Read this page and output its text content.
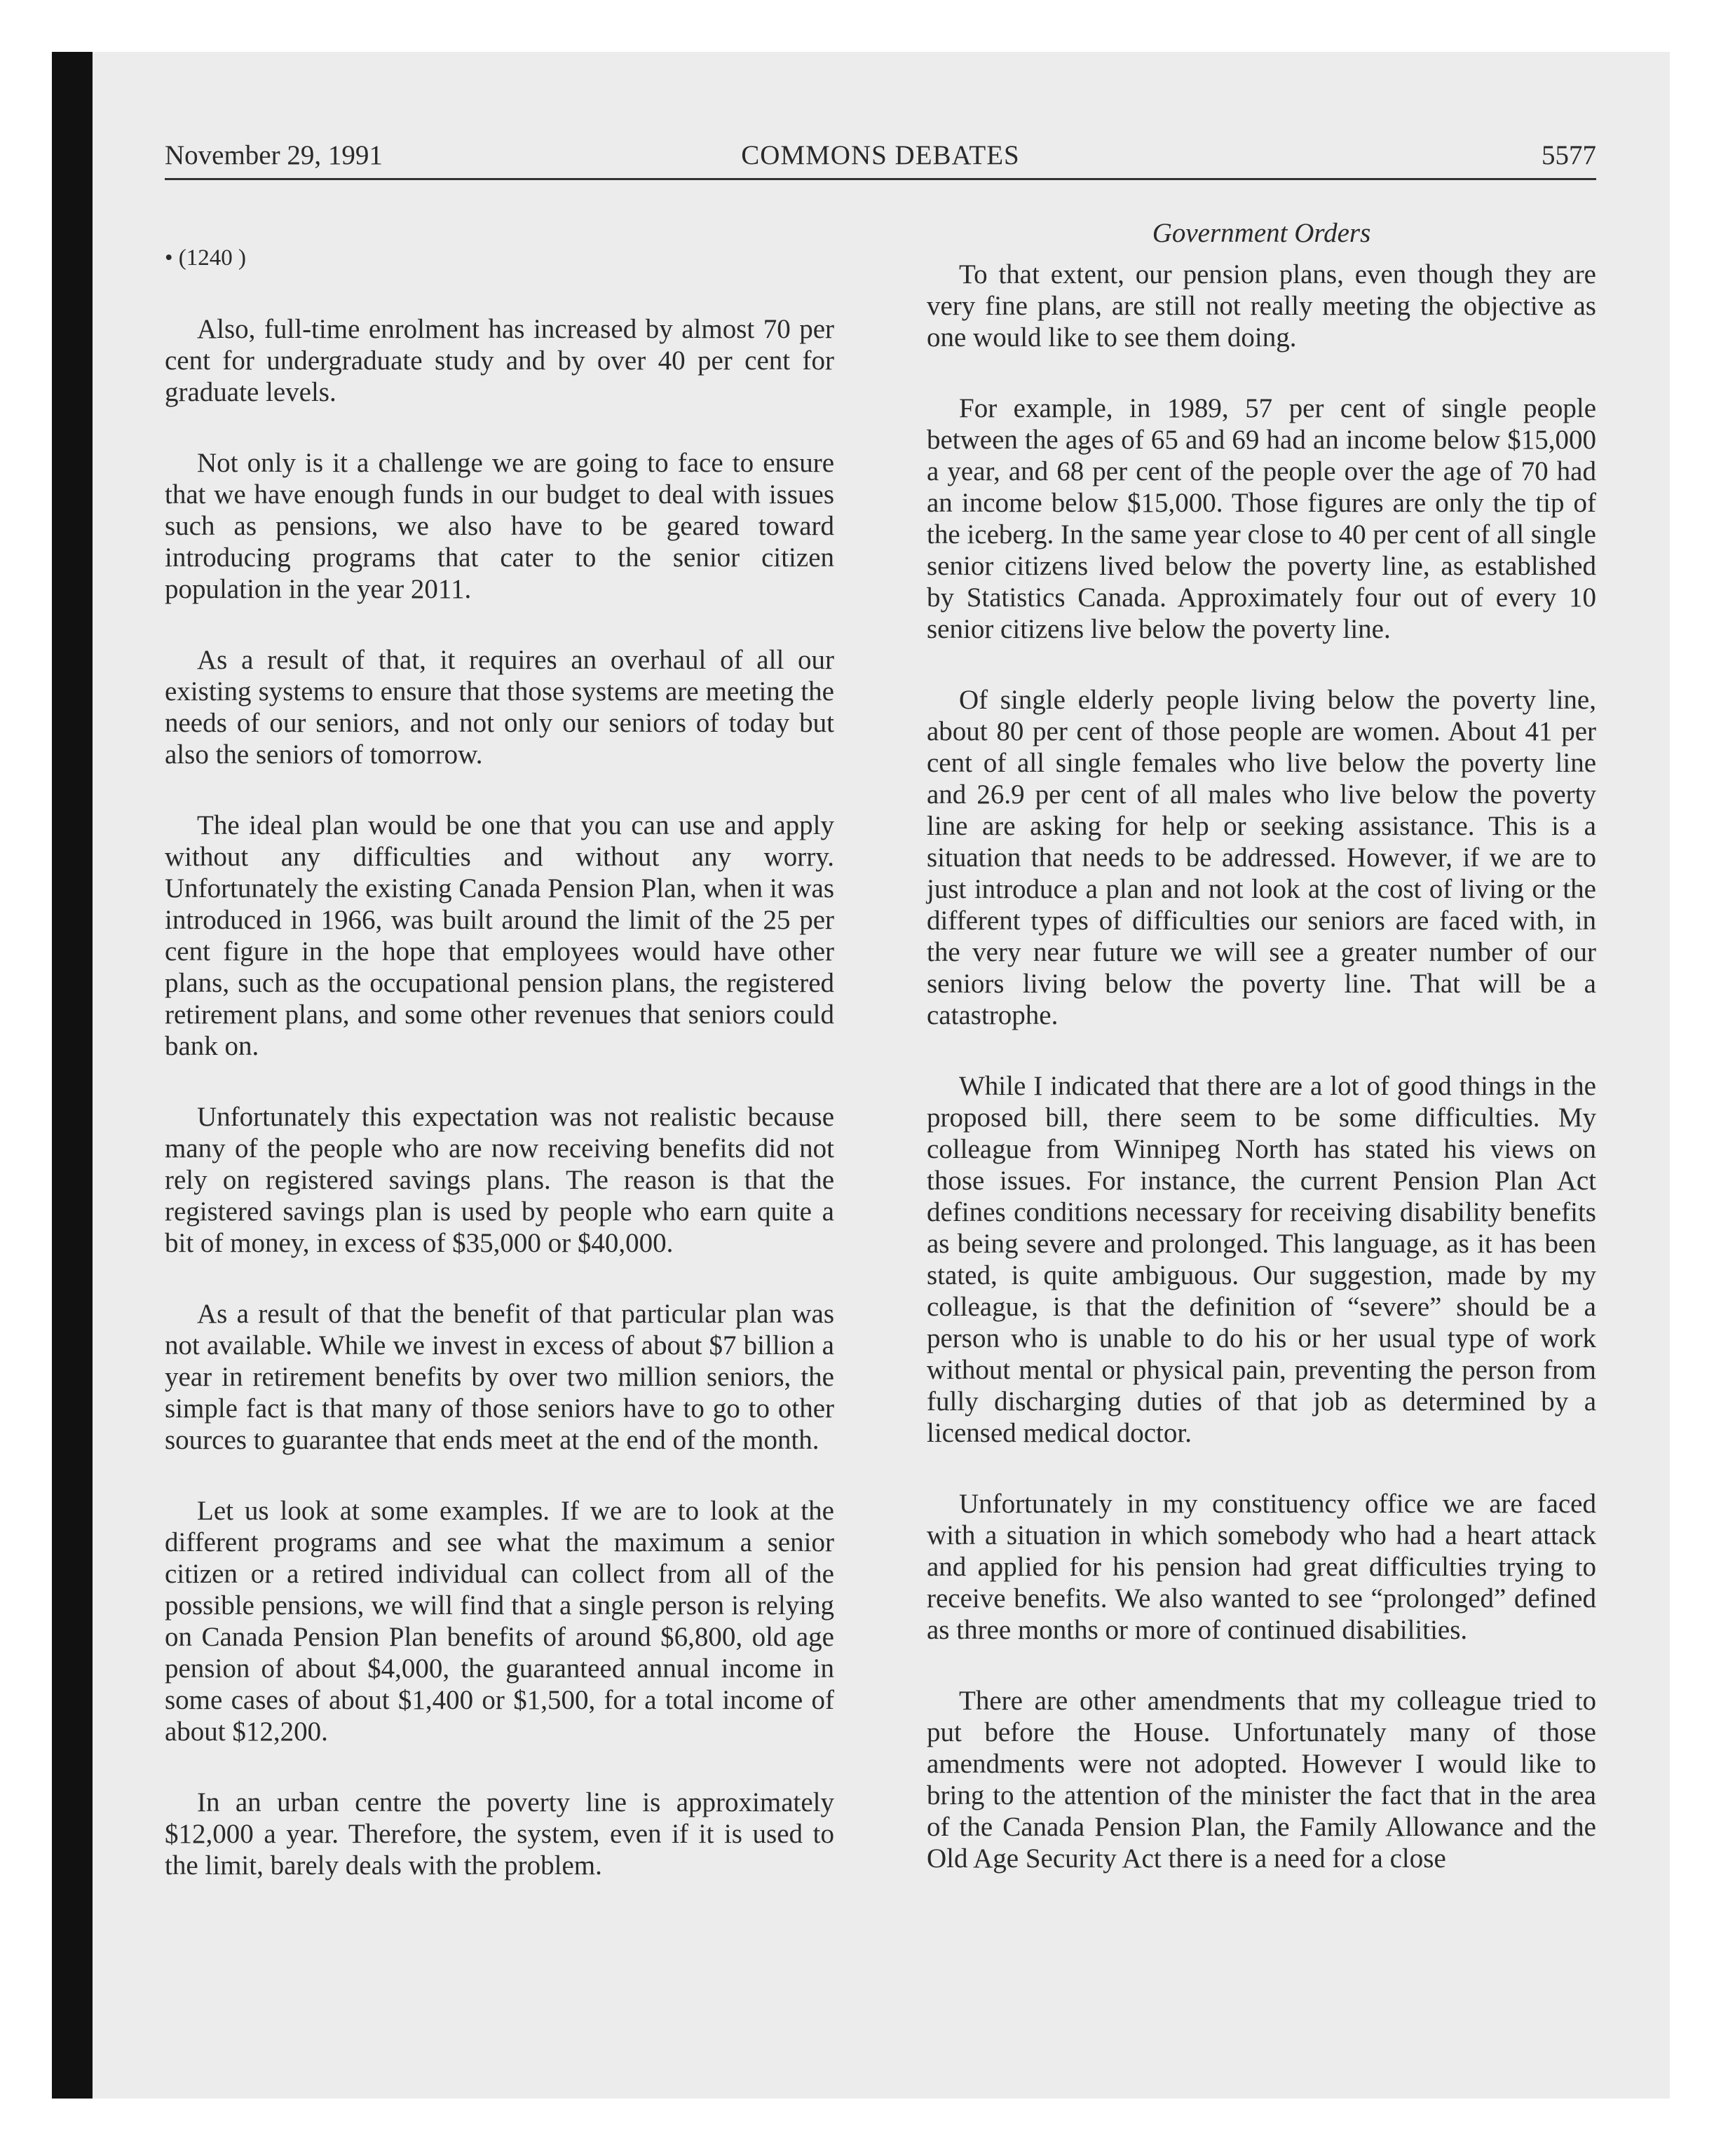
November 29, 1991	COMMONS DEBATES	5577
Government Orders

• (1240 )

Also, full-time enrolment has increased by almost 70 per cent for undergraduate study and by over 40 per cent for graduate levels.

Not only is it a challenge we are going to face to ensure that we have enough funds in our budget to deal with issues such as pensions, we also have to be geared toward introducing programs that cater to the senior citizen population in the year 2011.

As a result of that, it requires an overhaul of all our existing systems to ensure that those systems are meeting the needs of our seniors, and not only our seniors of today but also the seniors of tomorrow.

The ideal plan would be one that you can use and apply without any difficulties and without any worry. Unfortunately the existing Canada Pension Plan, when it was introduced in 1966, was built around the limit of the 25 per cent figure in the hope that employees would have other plans, such as the occupational pension plans, the registered retirement plans, and some other revenues that seniors could bank on.

Unfortunately this expectation was not realistic because many of the people who are now receiving benefits did not rely on registered savings plans. The reason is that the registered savings plan is used by people who earn quite a bit of money, in excess of $35,000 or $40,000.

As a result of that the benefit of that particular plan was not available. While we invest in excess of about $7 billion a year in retirement benefits by over two million seniors, the simple fact is that many of those seniors have to go to other sources to guarantee that ends meet at the end of the month.

Let us look at some examples. If we are to look at the different programs and see what the maximum a senior citizen or a retired individual can collect from all of the possible pensions, we will find that a single person is relying on Canada Pension Plan benefits of around $6,800, old age pension of about $4,000, the guaranteed annual income in some cases of about $1,400 or $1,500, for a total income of about $12,200.

In an urban centre the poverty line is approximately $12,000 a year. Therefore, the system, even if it is used to the limit, barely deals with the problem.

To that extent, our pension plans, even though they are very fine plans, are still not really meeting the objective as one would like to see them doing.

For example, in 1989, 57 per cent of single people between the ages of 65 and 69 had an income below $15,000 a year, and 68 per cent of the people over the age of 70 had an income below $15,000. Those figures are only the tip of the iceberg. In the same year close to 40 per cent of all single senior citizens lived below the poverty line, as established by Statistics Canada. Approximately four out of every 10 senior citizens live below the poverty line.

Of single elderly people living below the poverty line, about 80 per cent of those people are women. About 41 per cent of all single females who live below the poverty line and 26.9 per cent of all males who live below the poverty line are asking for help or seeking assistance. This is a situation that needs to be addressed. However, if we are to just introduce a plan and not look at the cost of living or the different types of difficulties our seniors are faced with, in the very near future we will see a greater number of our seniors living below the poverty line. That will be a catastrophe.

While I indicated that there are a lot of good things in the proposed bill, there seem to be some difficulties. My colleague from Winnipeg North has stated his views on those issues. For instance, the current Pension Plan Act defines conditions necessary for receiving disability benefits as being severe and prolonged. This language, as it has been stated, is quite ambiguous. Our suggestion, made by my colleague, is that the definition of “severe” should be a person who is unable to do his or her usual type of work without mental or physical pain, preventing the person from fully discharging duties of that job as determined by a licensed medical doctor.

Unfortunately in my constituency office we are faced with a situation in which somebody who had a heart attack and applied for his pension had great difficulties trying to receive benefits. We also wanted to see “prolonged” defined as three months or more of continued disabilities.

There are other amendments that my colleague tried to put before the House. Unfortunately many of those amendments were not adopted. However I would like to bring to the attention of the minister the fact that in the area of the Canada Pension Plan, the Family Allowance and the Old Age Security Act there is a need for a close
